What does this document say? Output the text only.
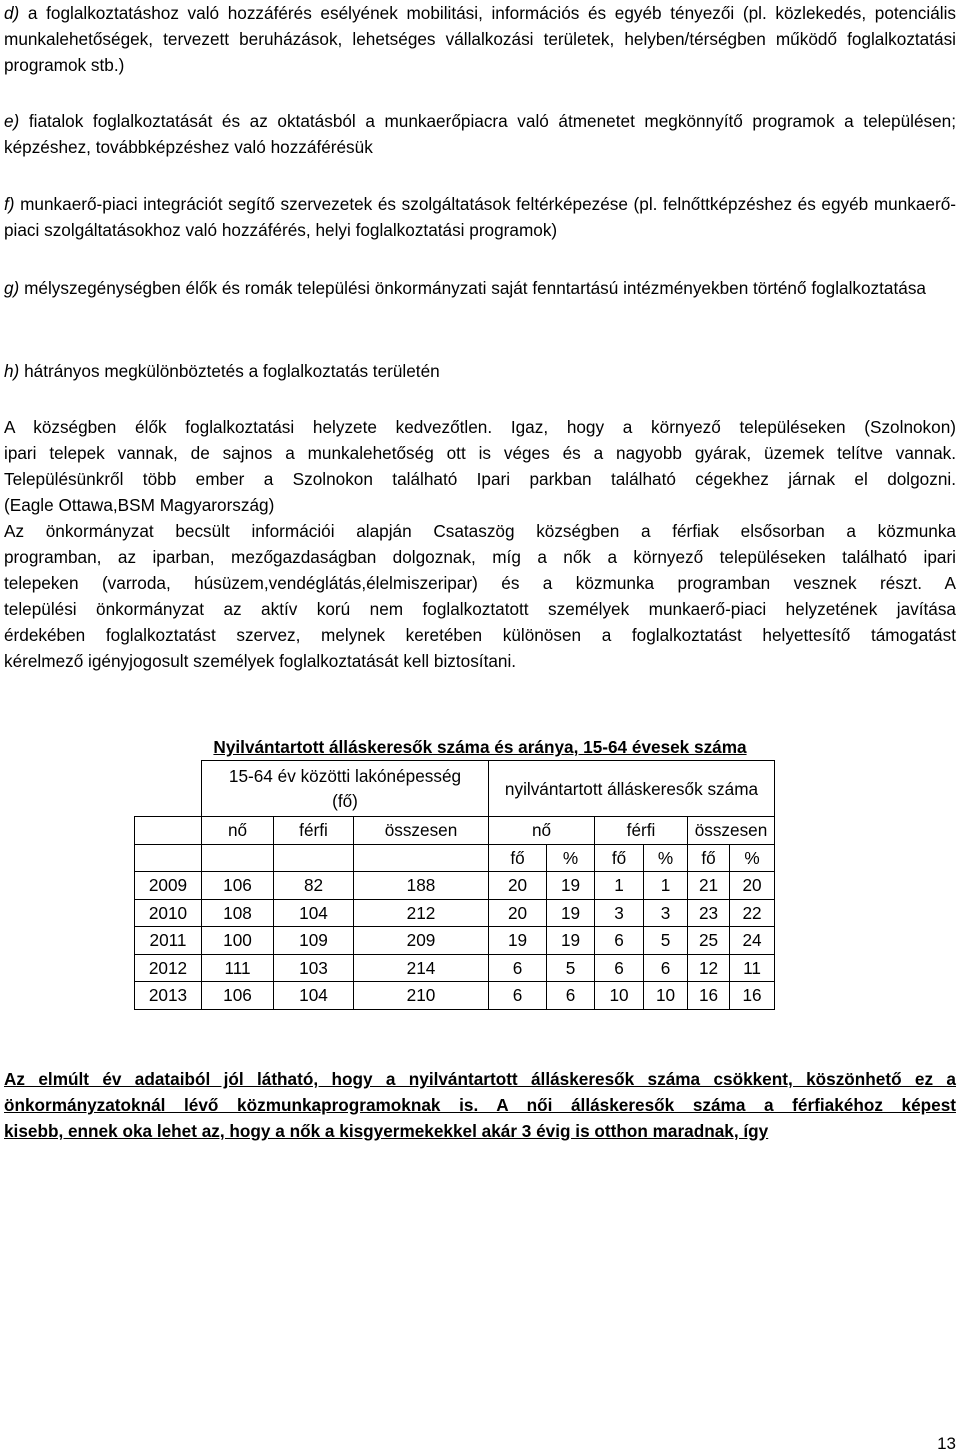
d) a foglalkoztatáshoz való hozzáférés esélyének mobilitási, információs és egyéb tényezői (pl. közlekedés, potenciális munkalehetőségek, tervezett beruházások, lehetséges vállalkozási területek, helyben/térségben működő foglalkoztatási programok stb.)

e) fiatalok foglalkoztatását és az oktatásból a munkaerőpiacra való átmenetet megkönnyítő programok a településen; képzéshez, továbbképzéshez való hozzáférésük

f) munkaerő-piaci integrációt segítő szervezetek és szolgáltatások feltérképezése (pl. felnőttképzéshez és egyéb munkaerő-piaci szolgáltatásokhoz való hozzáférés, helyi foglalkoztatási programok)

g) mélyszegénységben élők és romák települési önkormányzati saját fenntartású intézményekben történő foglalkoztatása

h) hátrányos megkülönböztetés a foglalkoztatás területén

A községben élők foglalkoztatási helyzete kedvezőtlen. Igaz, hogy a környező településeken (Szolnokon)
ipari telepek vannak, de sajnos a munkalehetőség ott is véges és a nagyobb gyárak, üzemek telítve vannak.
Településünkről több ember a Szolnokon található Ipari parkban található cégekhez járnak el dolgozni.
(Eagle Ottawa,BSM Magyarország)
Az önkormányzat becsült információi alapján Csataszög községben a férfiak elsősorban a közmunka
programban, az iparban, mezőgazdaságban dolgoznak, míg a nők a környező településeken található ipari
telepeken (varroda, húsüzem,vendéglátás,élelmiszeripar) és a közmunka programban vesznek részt. A
települési önkormányzat az aktív korú nem foglalkoztatott személyek munkaerő-piaci helyzetének javítása
érdekében foglalkoztatást szervez, melynek keretében különösen a foglalkoztatást helyettesítő támogatást
kérelmező igényjogosult személyek foglalkoztatását kell biztosítani.
Nyilvántartott álláskeresők száma és aránya, 15-64 évesek száma
	15-64 év közötti lakónépesség (fő)			nyilvántartott álláskeresők száma					
	nő	férfi	összesen	nő		férfi		összesen	
				fő	%	fő	%	fő	%
2009	106	82	188	20	19	1	1	21	20
2010	108	104	212	20	19	3	3	23	22
2011	100	109	209	19	19	6	5	25	24
2012	111	103	214	6	5	6	6	12	11
2013	106	104	210	6	6	10	10	16	16
Az elmúlt év adataiból jól látható, hogy a nyilvántartott álláskeresők száma csökkent, köszönhető ez a
önkormányzatoknál lévő közmunkaprogramoknak is. A női álláskeresők száma a férfiakéhoz képest
kisebb, ennek oka lehet az, hogy a nők a kisgyermekekkel akár 3 évig is otthon maradnak, így
13
